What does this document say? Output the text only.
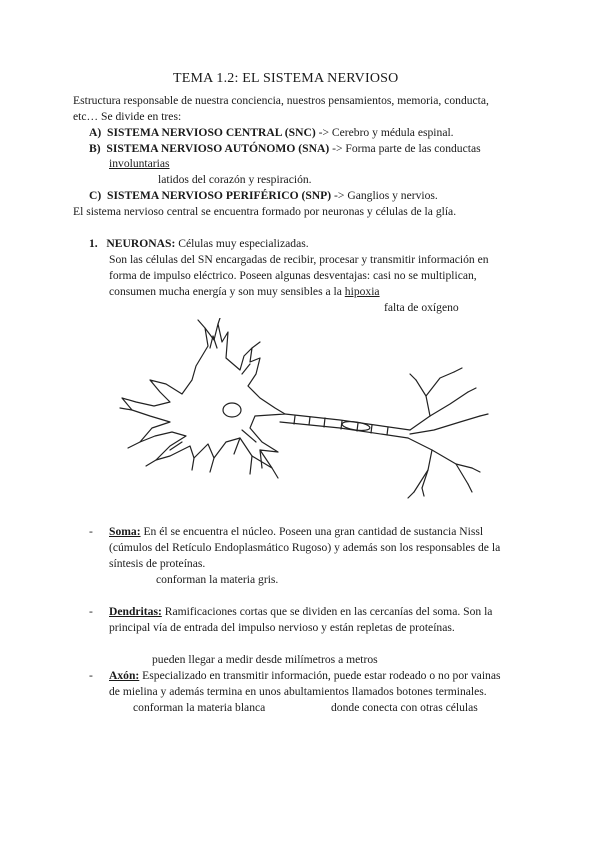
TEMA 1.2: EL SISTEMA NERVIOSO
Estructura responsable de nuestra conciencia, nuestros pensamientos, memoria, conducta,
etc… Se divide en tres:
A) SISTEMA NERVIOSO CENTRAL (SNC) -> Cerebro y médula espinal.
B) SISTEMA NERVIOSO AUTÓNOMO (SNA) -> Forma parte de las conductas
involuntarias
latidos del corazón y respiración.
C) SISTEMA NERVIOSO PERIFÉRICO (SNP) -> Ganglios y nervios.
El sistema nervioso central se encuentra formado por neuronas y células de la glía.
1. NEURONAS: Células muy especializadas.
Son las células del SN encargadas de recibir, procesar y transmitir información en
forma de impulso eléctrico. Poseen algunas desventajas: casi no se multiplican,
consumen mucha energía y son muy sensibles a la hipoxia
falta de oxígeno
- Soma: En él se encuentra el núcleo. Poseen una gran cantidad de sustancia Nissl
(cúmulos del Retículo Endoplasmático Rugoso) y además son los responsables de la
síntesis de proteínas.
conforman la materia gris.
- Dendritas: Ramificaciones cortas que se dividen en las cercanías del soma. Son la
principal vía de entrada del impulso nervioso y están repletas de proteínas.
pueden llegar a medir desde milímetros a metros
- Axón: Especializado en transmitir información, puede estar rodeado o no por vainas
de mielina y además termina en unos abultamientos llamados botones terminales.
conforman la materia blanca	donde conecta con otras células
